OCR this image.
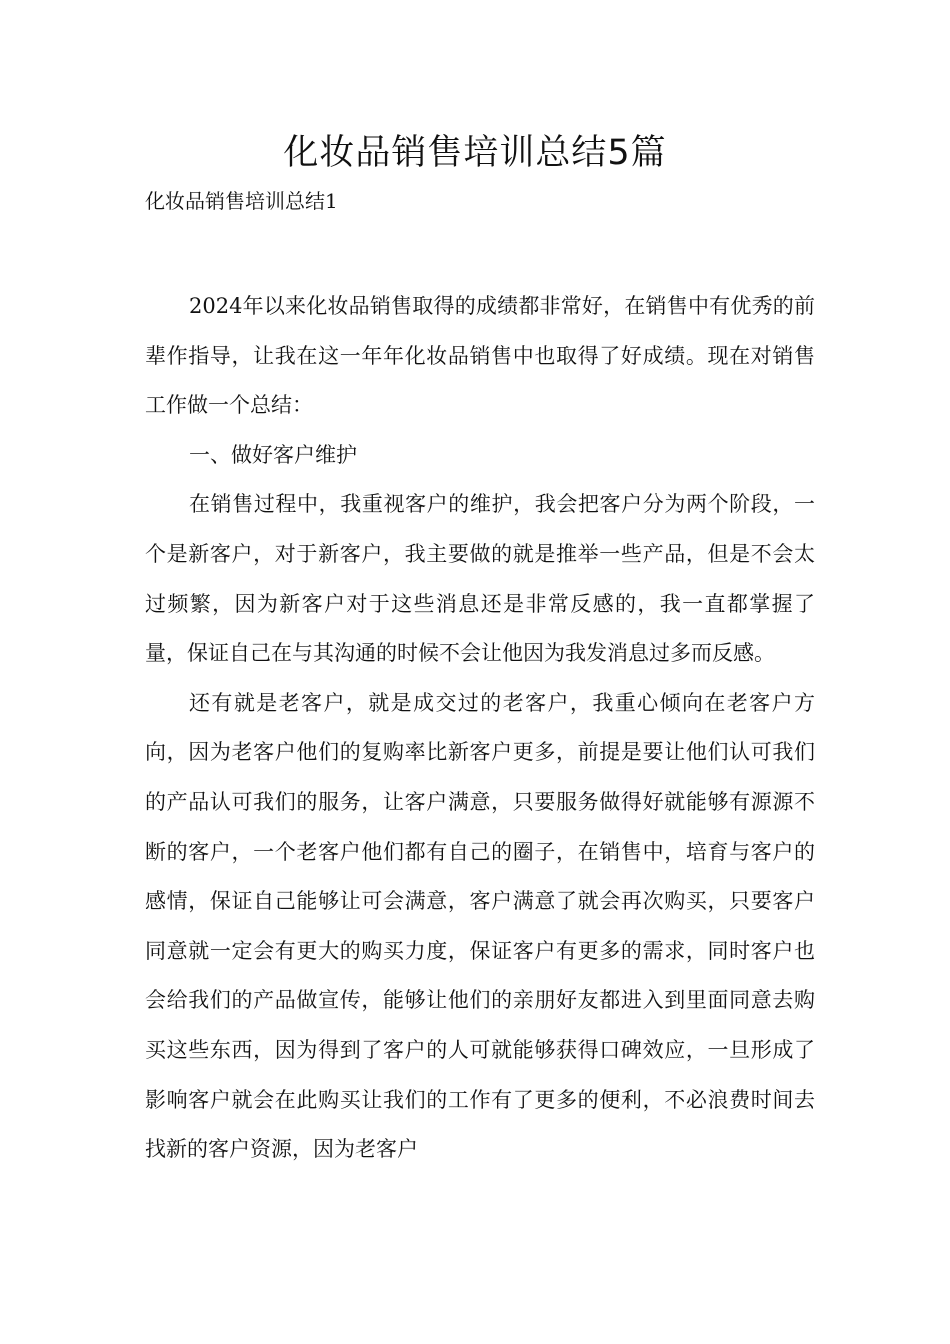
化妆品销售培训总结5篇
化妆品销售培训总结1

2024年以来化妆品销售取得的成绩都非常好，在销售中有优秀的前辈作指导，让我在这一年年化妆品销售中也取得了好成绩。现在对销售工作做一个总结：

一、做好客户维护

在销售过程中，我重视客户的维护，我会把客户分为两个阶段，一个是新客户，对于新客户，我主要做的就是推举一些产品，但是不会太过频繁，因为新客户对于这些消息还是非常反感的，我一直都掌握了量，保证自己在与其沟通的时候不会让他因为我发消息过多而反感。

还有就是老客户，就是成交过的老客户，我重心倾向在老客户方向，因为老客户他们的复购率比新客户更多，前提是要让他们认可我们的产品认可我们的服务，让客户满意，只要服务做得好就能够有源源不断的客户，一个老客户他们都有自己的圈子，在销售中，培育与客户的感情，保证自己能够让可会满意，客户满意了就会再次购买，只要客户同意就一定会有更大的购买力度，保证客户有更多的需求，同时客户也会给我们的产品做宣传，能够让他们的亲朋好友都进入到里面同意去购买这些东西，因为得到了客户的人可就能够获得口碑效应，一旦形成了影响客户就会在此购买让我们的工作有了更多的便利，不必浪费时间去找新的客户资源，因为老客户
